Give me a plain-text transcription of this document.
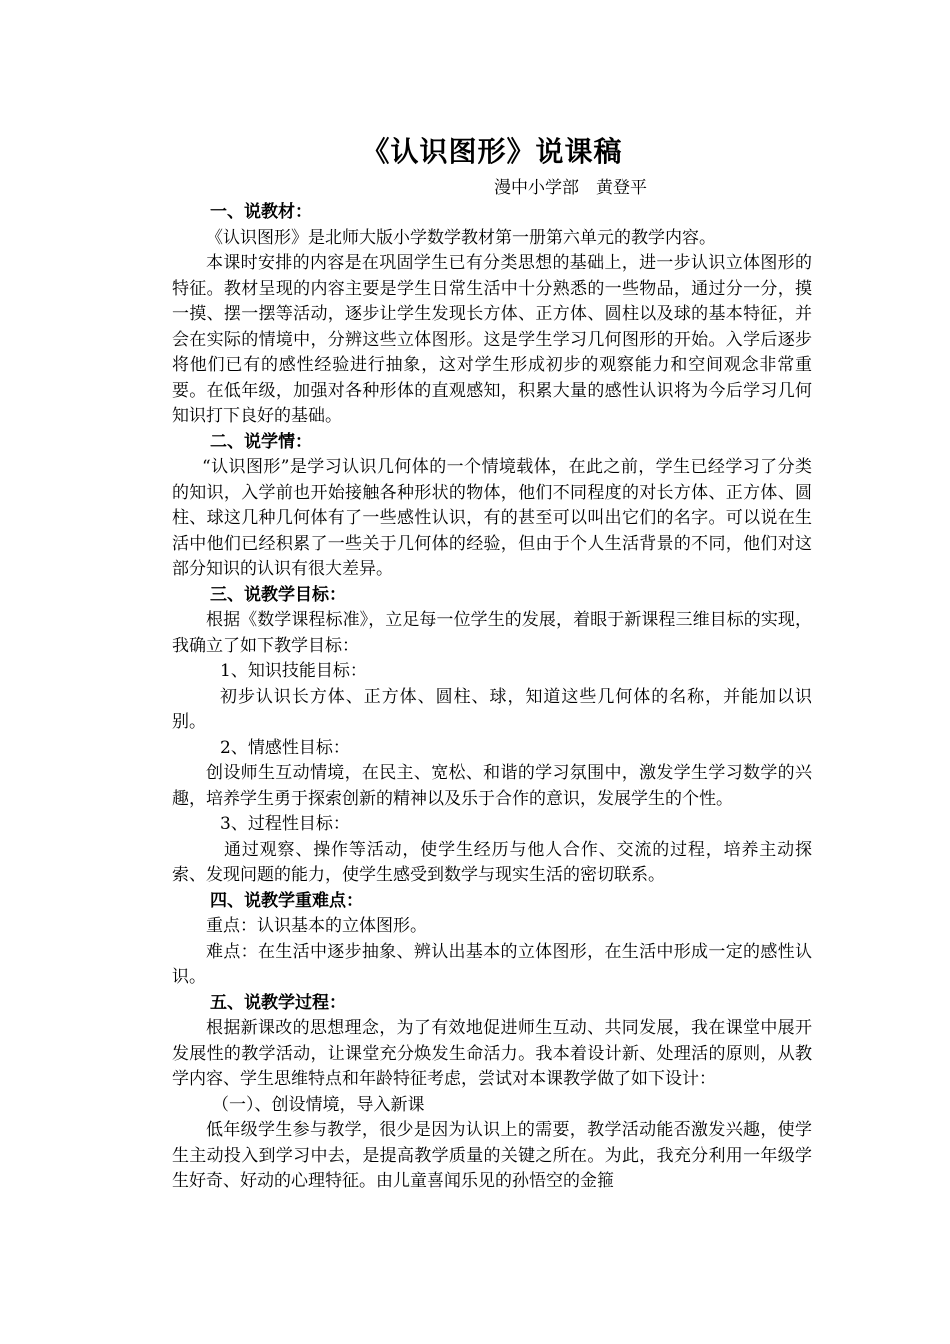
《认识图形》说课稿
漫中小学部　黄登平
一、说教材：
《认识图形》是北师大版小学数学教材第一册第六单元的教学内容。
本课时安排的内容是在巩固学生已有分类思想的基础上，进一步认识立体图形的特征。教材呈现的内容主要是学生日常生活中十分熟悉的一些物品，通过分一分，摸一摸、摆一摆等活动，逐步让学生发现长方体、正方体、圆柱以及球的基本特征，并会在实际的情境中，分辨这些立体图形。这是学生学习几何图形的开始。入学后逐步将他们已有的感性经验进行抽象，这对学生形成初步的观察能力和空间观念非常重要。在低年级，加强对各种形体的直观感知，积累大量的感性认识将为今后学习几何知识打下良好的基础。
二、说学情：
“认识图形”是学习认识几何体的一个情境载体，在此之前，学生已经学习了分类的知识，入学前也开始接触各种形状的物体，他们不同程度的对长方体、正方体、圆柱、球这几种几何体有了一些感性认识，有的甚至可以叫出它们的名字。可以说在生活中他们已经积累了一些关于几何体的经验，但由于个人生活背景的不同，他们对这部分知识的认识有很大差异。
三、说教学目标：
根据《数学课程标准》，立足每一位学生的发展，着眼于新课程三维目标的实现，我确立了如下教学目标：
1、知识技能目标：
初步认识长方体、正方体、圆柱、球，知道这些几何体的名称，并能加以识别。
2、情感性目标：
创设师生互动情境，在民主、宽松、和谐的学习氛围中，激发学生学习数学的兴趣，培养学生勇于探索创新的精神以及乐于合作的意识，发展学生的个性。
3、过程性目标：
通过观察、操作等活动，使学生经历与他人合作、交流的过程，培养主动探索、发现问题的能力，使学生感受到数学与现实生活的密切联系。
四、说教学重难点：
重点：认识基本的立体图形。
难点：在生活中逐步抽象、辨认出基本的立体图形，在生活中形成一定的感性认识。
五、说教学过程：
根据新课改的思想理念，为了有效地促进师生互动、共同发展，我在课堂中展开发展性的教学活动，让课堂充分焕发生命活力。我本着设计新、处理活的原则，从教学内容、学生思维特点和年龄特征考虑，尝试对本课教学做了如下设计：
（一）、创设情境，导入新课
低年级学生参与教学，很少是因为认识上的需要，教学活动能否激发兴趣，使学生主动投入到学习中去，是提高教学质量的关键之所在。为此，我充分利用一年级学生好奇、好动的心理特征。由儿童喜闻乐见的孙悟空的金箍
